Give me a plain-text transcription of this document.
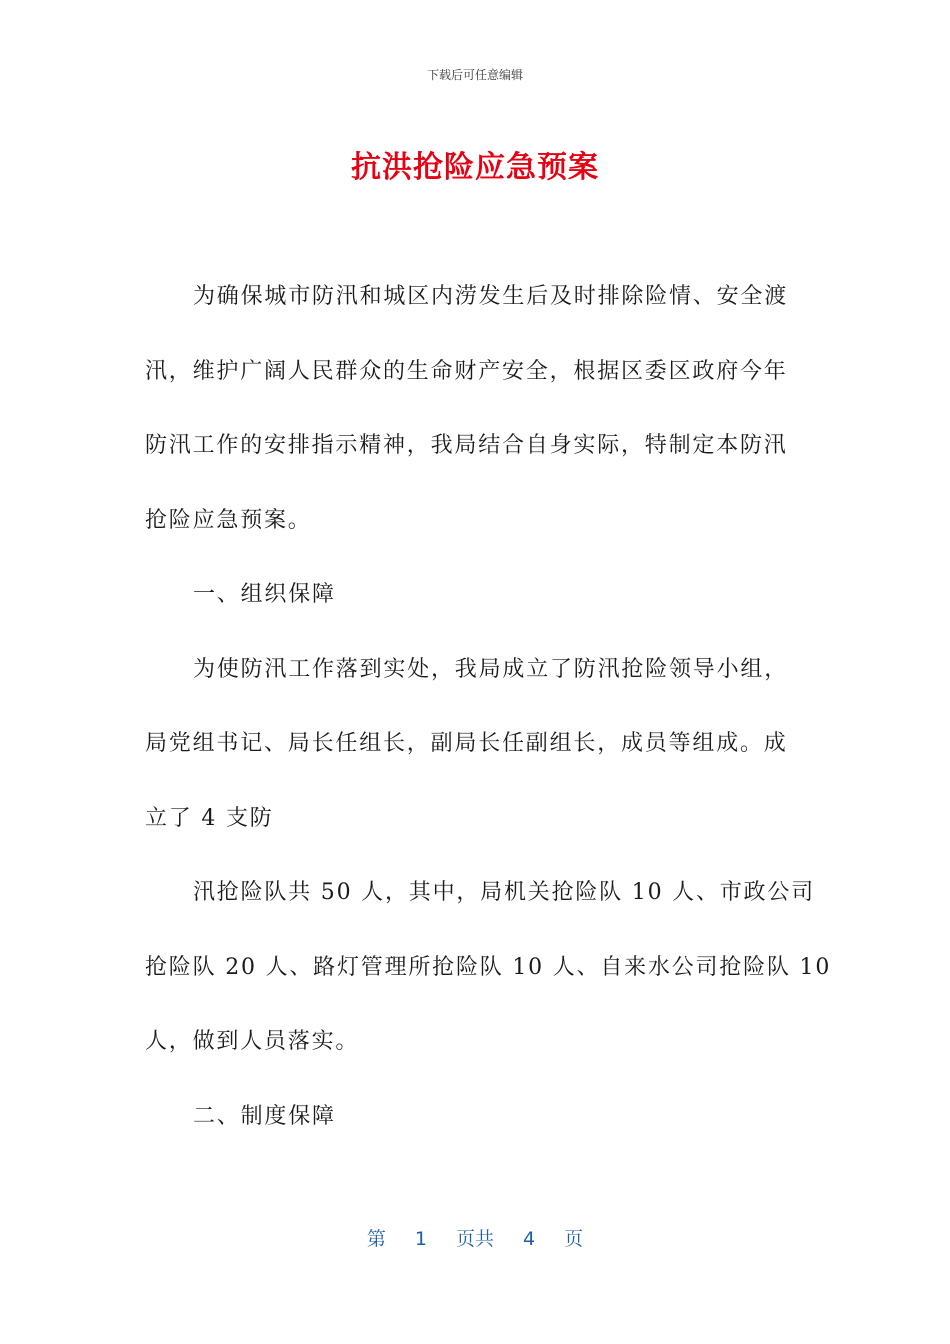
下载后可任意编辑
抗洪抢险应急预案
为确保城市防汛和城区内涝发生后及时排除险情、安全渡
汛，维护广阔人民群众的生命财产安全，根据区委区政府今年
防汛工作的安排指示精神，我局结合自身实际，特制定本防汛
抢险应急预案。
一、组织保障
为使防汛工作落到实处，我局成立了防汛抢险领导小组，
局党组书记、局长任组长，副局长任副组长，成员等组成。成
立了 4 支防
汛抢险队共 50 人，其中，局机关抢险队 10 人、市政公司
抢险队 20 人、路灯管理所抢险队 10 人、自来水公司抢险队 10
人，做到人员落实。
二、制度保障
第 1 页共 4 页
